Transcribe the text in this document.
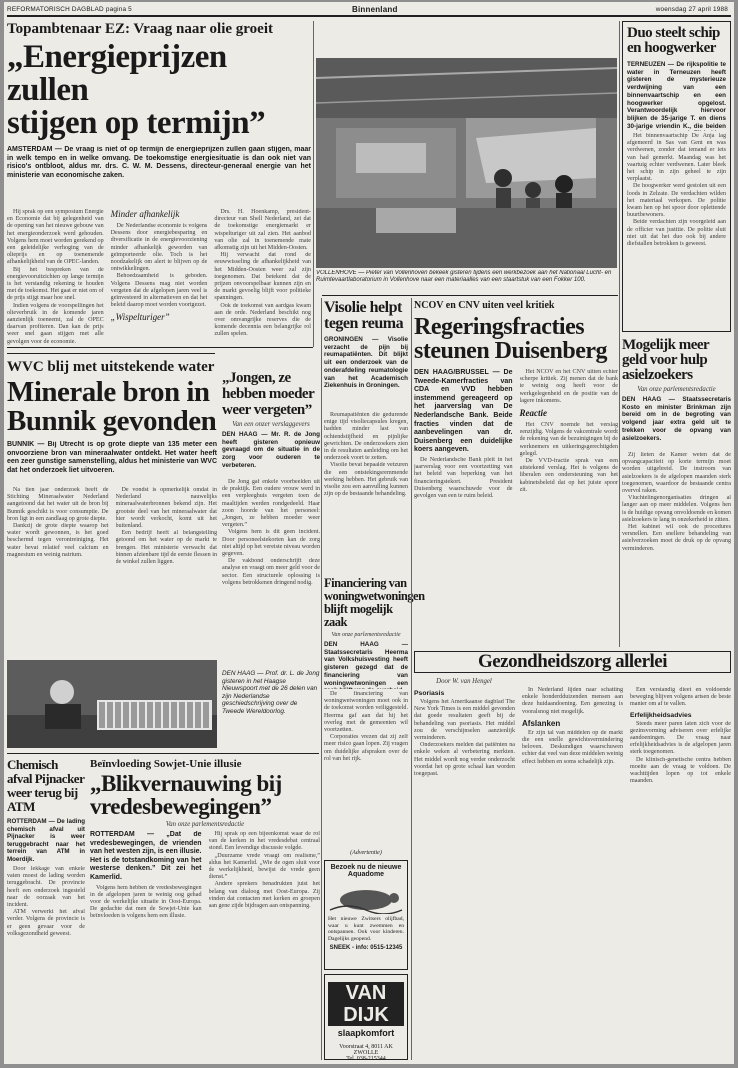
REFORMATORISCH DAGBLAD pagina 5	Binnenland	woensdag 27 april 1988
Topambtenaar EZ: Vraag naar olie groeit
„Energieprijzen zullen
stijgen op termijn”
AMSTERDAM — De vraag is niet of op termijn de energieprijzen zullen gaan stijgen, maar in welk tempo en in welke omvang. De toekomstige energiesituatie is dan ook niet van risico's ontbloot, aldus mr. drs. C. W. M. Dessens, directeur-generaal energie van het ministerie van economische zaken.

Hij sprak op een symposium Energie en Economie dat bij gelegenheid van de opening van het nieuwe gebouw van het energieonderzoek werd gehouden. Volgens hem moet worden gerekend op een geleidelijke verhoging van de olieprijs en op toenemende afhankelijkheid van de OPEC-landen.

Bij het bespreken van de energievooruitzichten op lange termijn is het verstandig rekening te houden met de toekomst. Het gaat er niet om of de prijs stijgt maar hoe snel.

Indien volgens de voorspellingen het olieverbruik in de komende jaren aanzienlijk toeneemt, zal de OPEC daarvan profiteren. Dan kan de prijs weer snel gaan stijgen met alle gevolgen voor de economie.

Minder afhankelijk

De Nederlandse economie is volgens Dessens door energiebesparing en diversificatie in de energievoorziening minder afhankelijk geworden van geïmporteerde olie. Toch is het noodzakelijk om alert te blijven op de ontwikkelingen.

Behoedzaamheid is geboden. Volgens Dessens mag niet worden vergeten dat de afgelopen jaren veel is geïnvesteerd in alternatieven en dat het beleid daarop moet worden voortgezet.

„Wispelturiger”

Drs. H. Hoenkamp, president-directeur van Shell Nederland, zei dat de toekomstige energiemarkt er wispelturiger uit zal zien. Het aanbod van olie zal in toenemende mate afkomstig zijn uit het Midden-Oosten.

Hij verwacht dat rond de eeuwwisseling de afhankelijkheid van het Midden-Oosten weer zal zijn toegenomen. Dat betekent dat de prijzen onvoorspelbaar kunnen zijn en de markt gevoelig blijft voor politieke spanningen.

Ook de toekomst van aardgas kwam aan de orde. Nederland beschikt nog over omvangrijke reserves die de komende decennia een belangrijke rol zullen spelen.

VOLLENHOVE — Pieter van Vollenhoven bekeek gisteren tijdens een werkbezoek aan het Nationaal Lucht- en Ruimtevaartlaboratorium in Vollenhove naar een materiaalles van een staartstuk van een Fokker 100.
Duo steelt schip en hoogwerker
TERNEUZEN — De rijkspolitie te water in Terneuzen heeft gisteren de mysterieuze verdwijning van een binnenvaartschip en een hoogwerker opgelost. Verantwoordelijk hiervoor blijken de 35-jarige T. en diens 30-jarige vriendin K., die beiden

Het binnenvaartschip De Anja lag afgemeerd in Sas van Gent en was verdwenen, zonder dat iemand er iets van had gemerkt. Maandag was het vaartuig echter verdwenen. Later bleek het schip in zijn geheel te zijn verplaatst.

De hoogwerker werd gestolen uit een loods in Zelzate. De verdachten wilden het materiaal verkopen. De politie kwam hen op het spoor door oplettende buurtbewoners.

Beide verdachten zijn voorgeleid aan de officier van justitie. De politie sluit niet uit dat het duo ook bij andere diefstallen betrokken is geweest.

Mogelijk meer geld voor hulp asielzoekers
Van onze parlementsredactie
DEN HAAG — Staatssecretaris Kosto en minister Brinkman zijn bereid om in de begroting van volgend jaar extra geld uit te trekken voor de opvang van asielzoekers.

Zij lieten de Kamer weten dat de opvangcapaciteit op korte termijn moet worden uitgebreid. De instroom van asielzoekers is de afgelopen maanden sterk toegenomen, waardoor de bestaande centra overvol raken.

Vluchtelingenorganisaties dringen al langer aan op meer middelen. Volgens hen is de huidige opvang onvoldoende en komen asielzoekers te lang in onzekerheid te zitten.

Het kabinet wil ook de procedures versnellen. Een snellere behandeling van asielverzoeken moet de druk op de opvang verminderen.

WVC blij met uitstekende water
Minerale bron in
Bunnik gevonden
BUNNIK — Bij Utrecht is op grote diepte van 135 meter een onvoorziene bron van mineraalwater ontdekt. Het water heeft een zeer gunstige samenstelling, aldus het ministerie van WVC dat het onderzoek liet uitvoeren.

Na tien jaar onderzoek heeft de Stichting Mineraalwater Nederland aangetoond dat het water uit de bron bij Bunnik geschikt is voor consumptie. De bron ligt in een zandlaag op grote diepte.

Dankzij de grote diepte waarop het water wordt gewonnen, is het goed beschermd tegen verontreiniging. Het water bevat relatief veel calcium en magnesium en weinig natrium.

De vondst is opmerkelijk omdat in Nederland nauwelijks mineraalwaterbronnen bekend zijn. Het grootste deel van het mineraalwater dat hier wordt verkocht, komt uit het buitenland.

Een bedrijf heeft al belangstelling getoond om het water op de markt te brengen. Het ministerie verwacht dat binnen afzienbare tijd de eerste flessen in de winkel zullen liggen.

„Jongen, ze hebben moeder weer vergeten”
Van een onzer verslaggevers
DEN HAAG — Mr. R. de Jong heeft gisteren opnieuw gevraagd om de situatie in de zorg voor ouderen te verbeteren.

De Jong gaf enkele voorbeelden uit de praktijk. Een oudere vrouw werd in een verpleeghuis vergeten toen de maaltijden werden rondgedeeld. Haar zoon hoorde van het personeel: „Jongen, ze hebben moeder weer vergeten.”

Volgens hem is dit geen incident. Door personeelstekorten kan de zorg niet altijd op het vereiste niveau worden gegeven.

De vakbond onderschrijft deze analyse en vraagt om meer geld voor de sector. Een structurele oplossing is volgens betrokkenen dringend nodig.

DEN HAAG — Prof. dr. L. de Jong gisteren in het Haagse Nieuwspoort met de 26 delen van zijn Nederlandse geschiedschrijving over de Tweede Wereldoorlog.
Visolie helpt tegen reuma
GRONINGEN — Visolie verzacht de pijn bij reumapatiënten. Dit blijkt uit een onderzoek van de onderafdeling reumatologie van het Academisch Ziekenhuis in Groningen.

Reumapatiënten die gedurende enige tijd visoliecapsules kregen, hadden minder last van ochtendstijfheid en pijnlijke gewrichten. De onderzoekers zien in de resultaten aanleiding om het onderzoek voort te zetten.

Visolie bevat bepaalde vetzuren die een ontstekingsremmende werking hebben. Het gebruik van visolie zou een aanvulling kunnen zijn op de bestaande behandeling.

Financiering van woningwetwoningen blijft mogelijk zaak
Van onze parlementsredactie
DEN HAAG — Staatssecretaris Heerma van Volkshuisvesting heeft gisteren gezegd dat de financiering van woningwetwoningen een

De financiering van woningwetwoningen moet ook in de toekomst worden veiliggesteld. Heerma gaf aan dat hij het overleg met de gemeenten wil voortzetten.

Corporaties vrezen dat zij zelf meer risico gaan lopen. Zij vragen om duidelijke afspraken over de rol van het rijk.

(Advertentie)
Bezoek nu de nieuwe Aquadome
Het nieuwe Zwitsers olijfbad, waar u kunt zwemmen en ontspannen. Ook voor kinderen. Dagelijks geopend.
SNEEK - info: 0515-12345
VAN DIJK
slaapkomfort
Voorstraat 4, 8011 AK ZWOLLE
Tel. 038-215344
NCOV en CNV uiten veel kritiek
Regeringsfracties
steunen Duisenberg
DEN HAAG/BRUSSEL — De Tweede-Kamerfracties van CDA en VVD hebben instemmend gereageerd op het jaarverslag van De Nederlandsche Bank. Beide fracties vinden dat de aanbevelingen van dr. Duisenberg een duidelijke koers aangeven.

De Nederlandsche Bank pleit in het jaarverslag voor een voortzetting van het beleid van beperking van het financieringstekort. President Duisenberg waarschuwde voor de gevolgen van een te ruim beleid.

Het NCOV en het CNV uitten echter scherpe kritiek. Zij menen dat de bank te weinig oog heeft voor de werkgelegenheid en de positie van de lagere inkomens.

Reactie

Het CNV noemde het verslag eenzijdig. Volgens de vakcentrale wordt de rekening van de bezuinigingen bij de werknemers en uitkeringsgerechtigden gelegd.

De VVD-fractie sprak van een uitstekend verslag. Het is volgens de liberalen een ondersteuning van het kabinetsbeleid dat op het juiste spoor zit.

Gezondheidszorg allerlei
Door W. van Hengel
Psoriasis

Volgens het Amerikaanse dagblad The New York Times is een middel gevonden dat goede resultaten geeft bij de behandeling van psoriasis. Het middel zou de verschijnselen aanzienlijk verminderen.

Onderzoekers melden dat patiënten na enkele weken al verbetering merkten. Het middel wordt nog verder onderzocht voordat het op grote schaal kan worden toegepast.

In Nederland lijden naar schatting enkele honderdduizenden mensen aan deze huidaandoening. Een genezing is vooralsnog niet mogelijk.

Afslanken

Er zijn tal van middelen op de markt die een snelle gewichtsvermindering beloven. Deskundigen waarschuwen echter dat veel van deze middelen weinig effect hebben en soms schadelijk zijn.

Een verstandig dieet en voldoende beweging blijven volgens artsen de beste manier om af te vallen.

Erfelijkheidsadvies

Steeds meer paren laten zich voor de gezinsvorming adviseren over erfelijke aandoeningen. De vraag naar erfelijkheidsadvies is de afgelopen jaren sterk toegenomen.

De klinisch-genetische centra hebben moeite aan de vraag te voldoen. De wachttijden lopen op tot enkele maanden.

Chemisch afval Pijnacker weer terug bij ATM
ROTTERDAM — De lading chemisch afval uit Pijnacker is weer teruggebracht naar het terrein van ATM in Moerdijk.

Door lekkage van enkele vaten moest de lading worden teruggebracht. De provincie heeft een onderzoek ingesteld naar de oorzaak van het incident.

ATM verwerkt het afval verder. Volgens de provincie is er geen gevaar voor de volksgezondheid geweest.

Beïnvloeding Sowjet-Unie illusie
„Blikvernauwing bij
vredesbewegingen”
Van onze parlementsredactie
ROTTERDAM — „Dat de vredesbewegingen, de vrienden van het westen zijn, is een illusie. Het is de totstandkoming van het westerse denken.” Dit zei het Kamerlid.

Volgens hem hebben de vredesbewegingen in de afgelopen jaren te weinig oog gehad voor de werkelijke situatie in Oost-Europa. De gedachte dat men de Sowjet-Unie kan beïnvloeden is volgens hem een illusie.

Hij sprak op een bijeenkomst waar de rol van de kerken in het vredesdebat centraal stond. Een levendige discussie volgde.

„Duurzame vrede vraagt om realisme,” aldus het Kamerlid. „Wie de ogen sluit voor de werkelijkheid, bewijst de vrede geen dienst.”

Andere sprekers benadrukten juist het belang van dialoog met Oost-Europa. Zij vinden dat contacten met kerken en groepen aan gene zijde bijdragen aan ontspanning.
